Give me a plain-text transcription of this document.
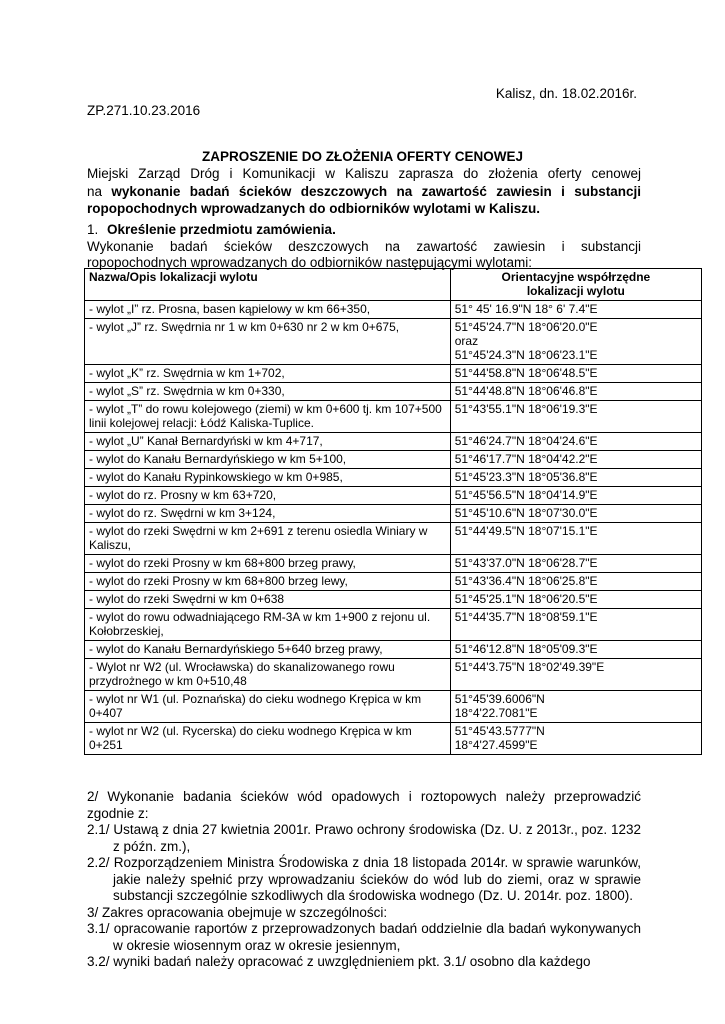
Kalisz, dn. 18.02.2016r.
ZP.271.10.23.2016
ZAPROSZENIE DO ZŁOŻENIA OFERTY CENOWEJ
Miejski Zarząd Dróg i Komunikacji w Kaliszu zaprasza do złożenia oferty cenowej
na wykonanie badań ścieków deszczowych na zawartość zawiesin i substancji
ropopochodnych wprowadzanych do odbiorników wylotami w Kaliszu.
1. Określenie przedmiotu zamówienia.
Wykonanie badań ścieków deszczowych na zawartość zawiesin i substancji
ropopochodnych wprowadzanych do odbiorników następującymi wylotami:
Nazwa/Opis lokalizacji wylotu	Orientacyjne współrzędne
lokalizacji wylotu

- wylot „I” rz. Prosna, basen kąpielowy w km 66+350,	51° 45' 16.9"N 18° 6' 7.4"E

- wylot „J” rz. Swędrnia nr 1 w km 0+630 nr 2 w km 0+675,	51°45'24.7"N 18°06'20.0"E
oraz
51°45'24.3"N 18°06'23.1"E

- wylot „K” rz. Swędrnia w km 1+702,	51°44'58.8"N 18°06'48.5"E

- wylot „S” rz. Swędrnia w km 0+330,	51°44'48.8"N 18°06'46.8"E

- wylot „T” do rowu kolejowego (ziemi) w km 0+600 tj. km 107+500 linii kolejowej relacji: Łódź Kaliska-Tuplice.	51°43'55.1"N 18°06'19.3"E

- wylot „U” Kanał Bernardyński w km 4+717,	51°46'24.7"N 18°04'24.6"E

- wylot do Kanału Bernardyńskiego w km 5+100,	51°46'17.7"N 18°04'42.2"E

- wylot do Kanału Rypinkowskiego w km 0+985,	51°45'23.3"N 18°05'36.8"E

- wylot do rz. Prosny w km 63+720,	51°45'56.5"N 18°04'14.9"E

- wylot do rz. Swędrni w km 3+124,	51°45'10.6"N 18°07'30.0"E

- wylot do rzeki Swędrni w km 2+691 z terenu osiedla Winiary w Kaliszu,	51°44'49.5"N 18°07'15.1"E

- wylot do rzeki Prosny w km 68+800 brzeg prawy,	51°43'37.0"N 18°06'28.7"E

- wylot do rzeki Prosny w km 68+800 brzeg lewy,	51°43'36.4"N 18°06'25.8"E

- wylot do rzeki Swędrni w km 0+638	51°45'25.1"N 18°06'20.5"E

- wylot do rowu odwadniającego RM-3A w km 1+900 z rejonu ul. Kołobrzeskiej,	51°44'35.7"N 18°08'59.1"E

- wylot do Kanału Bernardyńskiego 5+640 brzeg prawy,	51°46'12.8"N 18°05'09.3"E

- Wylot nr W2 (ul. Wrocławska) do skanalizowanego rowu przydrożnego w km 0+510,48	51°44'3.75"N 18°02'49.39"E

- wylot nr W1 (ul. Poznańska) do cieku wodnego Krępica w km 0+407	51°45'39.6006"N
18°4'22.7081"E

- wylot nr W2 (ul. Rycerska) do cieku wodnego Krępica w km 0+251	51°45'43.5777"N
18°4'27.4599"E
2/ Wykonanie badania ścieków wód opadowych i roztopowych należy przeprowadzić
zgodnie z:
2.1/ Ustawą z dnia 27 kwietnia 2001r. Prawo ochrony środowiska (Dz. U. z 2013r., poz. 1232
z późn. zm.),
2.2/ Rozporządzeniem Ministra Środowiska z dnia 18 listopada 2014r. w sprawie warunków,
jakie należy spełnić przy wprowadzaniu ścieków do wód lub do ziemi, oraz w sprawie
substancji szczególnie szkodliwych dla środowiska wodnego (Dz. U. 2014r. poz. 1800).
3/ Zakres opracowania obejmuje w szczególności:
3.1/ opracowanie raportów z przeprowadzonych badań oddzielnie dla badań wykonywanych
w okresie wiosennym oraz w okresie jesiennym,
3.2/ wyniki badań należy opracować z uwzględnieniem pkt. 3.1/ osobno dla każdego
